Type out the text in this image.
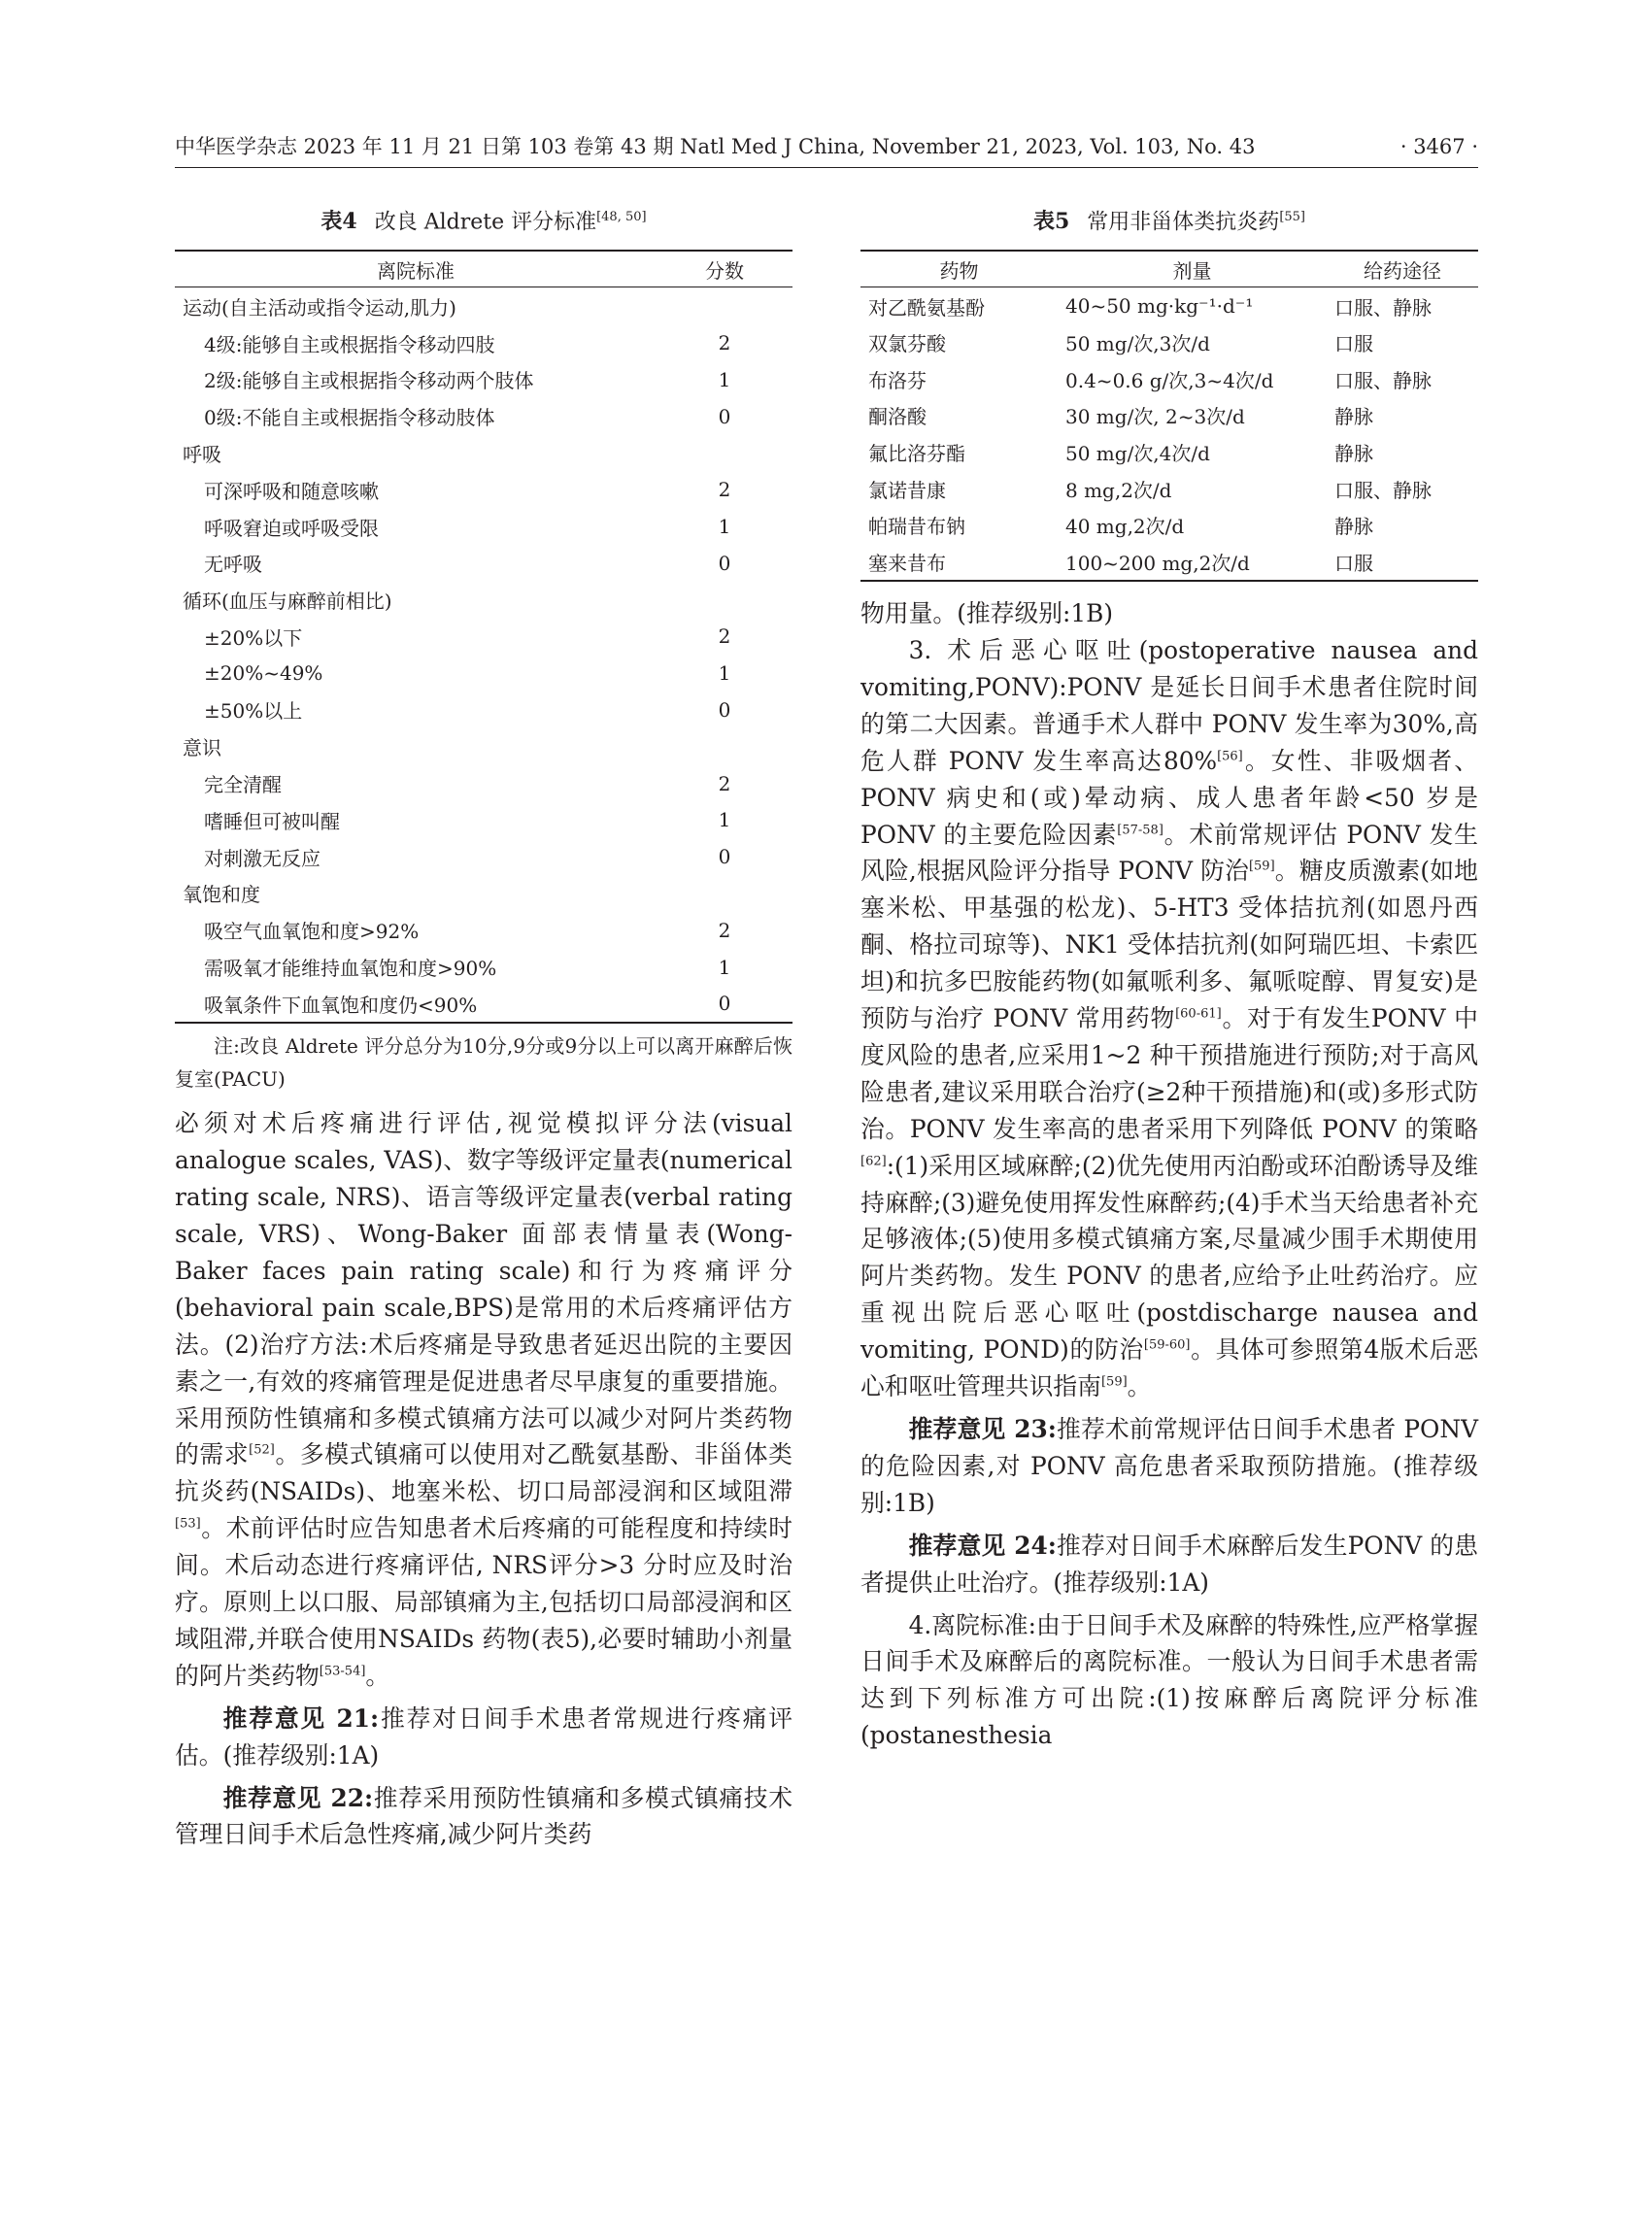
中华医学杂志 2023 年 11 月 21 日第 103 卷第 43 期 Natl Med J China, November 21, 2023, Vol. 103, No. 43	· 3467 ·
表4 改良 Aldrete 评分标准[48, 50]
离院标准	分数
运动(自主活动或指令运动,肌力)	
4级:能够自主或根据指令移动四肢	2
2级:能够自主或根据指令移动两个肢体	1
0级:不能自主或根据指令移动肢体	0
呼吸	
可深呼吸和随意咳嗽	2
呼吸窘迫或呼吸受限	1
无呼吸	0
循环(血压与麻醉前相比)	
±20%以下	2
±20%~49%	1
±50%以上	0
意识	
完全清醒	2
嗜睡但可被叫醒	1
对刺激无反应	0
氧饱和度	
吸空气血氧饱和度>92%	2
需吸氧才能维持血氧饱和度>90%	1
吸氧条件下血氧饱和度仍<90%	0
注:改良 Aldrete 评分总分为10分,9分或9分以上可以离开麻醉后恢复室(PACU)

必须对术后疼痛进行评估,视觉模拟评分法(visual analogue scales, VAS)、数字等级评定量表(numerical rating scale, NRS)、语言等级评定量表(verbal rating scale, VRS)、Wong-Baker 面部表情量表(Wong-Baker faces pain rating scale)和行为疼痛评分(behavioral pain scale,BPS)是常用的术后疼痛评估方法。(2)治疗方法:术后疼痛是导致患者延迟出院的主要因素之一,有效的疼痛管理是促进患者尽早康复的重要措施。采用预防性镇痛和多模式镇痛方法可以减少对阿片类药物的需求[52]。多模式镇痛可以使用对乙酰氨基酚、非甾体类抗炎药(NSAIDs)、地塞米松、切口局部浸润和区域阻滞[53]。术前评估时应告知患者术后疼痛的可能程度和持续时间。术后动态进行疼痛评估, NRS评分>3 分时应及时治疗。原则上以口服、局部镇痛为主,包括切口局部浸润和区域阻滞,并联合使用NSAIDs 药物(表5),必要时辅助小剂量的阿片类药物[53-54]。

推荐意见 21:推荐对日间手术患者常规进行疼痛评估。(推荐级别:1A)

推荐意见 22:推荐采用预防性镇痛和多模式镇痛技术管理日间手术后急性疼痛,减少阿片类药

表5 常用非甾体类抗炎药[55]
药物	剂量	给药途径
对乙酰氨基酚	40~50 mg·kg⁻¹·d⁻¹	口服、静脉
双氯芬酸	50 mg/次,3次/d	口服
布洛芬	0.4~0.6 g/次,3~4次/d	口服、静脉
酮洛酸	30 mg/次, 2~3次/d	静脉
氟比洛芬酯	50 mg/次,4次/d	静脉
氯诺昔康	8 mg,2次/d	口服、静脉
帕瑞昔布钠	40 mg,2次/d	静脉
塞来昔布	100~200 mg,2次/d	口服

物用量。(推荐级别:1B)

3. 术后恶心呕吐(postoperative nausea and vomiting,PONV):PONV 是延长日间手术患者住院时间的第二大因素。普通手术人群中 PONV 发生率为30%,高危人群 PONV 发生率高达80%[56]。女性、非吸烟者、PONV 病史和(或)晕动病、成人患者年龄<50 岁是 PONV 的主要危险因素[57-58]。术前常规评估 PONV 发生风险,根据风险评分指导 PONV 防治[59]。糖皮质激素(如地塞米松、甲基强的松龙)、5-HT3 受体拮抗剂(如恩丹西酮、格拉司琼等)、NK1 受体拮抗剂(如阿瑞匹坦、卡索匹坦)和抗多巴胺能药物(如氟哌利多、氟哌啶醇、胃复安)是预防与治疗 PONV 常用药物[60-61]。对于有发生PONV 中度风险的患者,应采用1~2 种干预措施进行预防;对于高风险患者,建议采用联合治疗(≥2种干预措施)和(或)多形式防治。PONV 发生率高的患者采用下列降低 PONV 的策略[62]:(1)采用区域麻醉;(2)优先使用丙泊酚或环泊酚诱导及维持麻醉;(3)避免使用挥发性麻醉药;(4)手术当天给患者补充足够液体;(5)使用多模式镇痛方案,尽量减少围手术期使用阿片类药物。发生 PONV 的患者,应给予止吐药治疗。应重视出院后恶心呕吐(postdischarge nausea and vomiting, POND)的防治[59-60]。具体可参照第4版术后恶心和呕吐管理共识指南[59]。

推荐意见 23:推荐术前常规评估日间手术患者 PONV 的危险因素,对 PONV 高危患者采取预防措施。(推荐级别:1B)

推荐意见 24:推荐对日间手术麻醉后发生PONV 的患者提供止吐治疗。(推荐级别:1A)

4.离院标准:由于日间手术及麻醉的特殊性,应严格掌握日间手术及麻醉后的离院标准。一般认为日间手术患者需达到下列标准方可出院:(1)按麻醉后离院评分标准(postanesthesia
